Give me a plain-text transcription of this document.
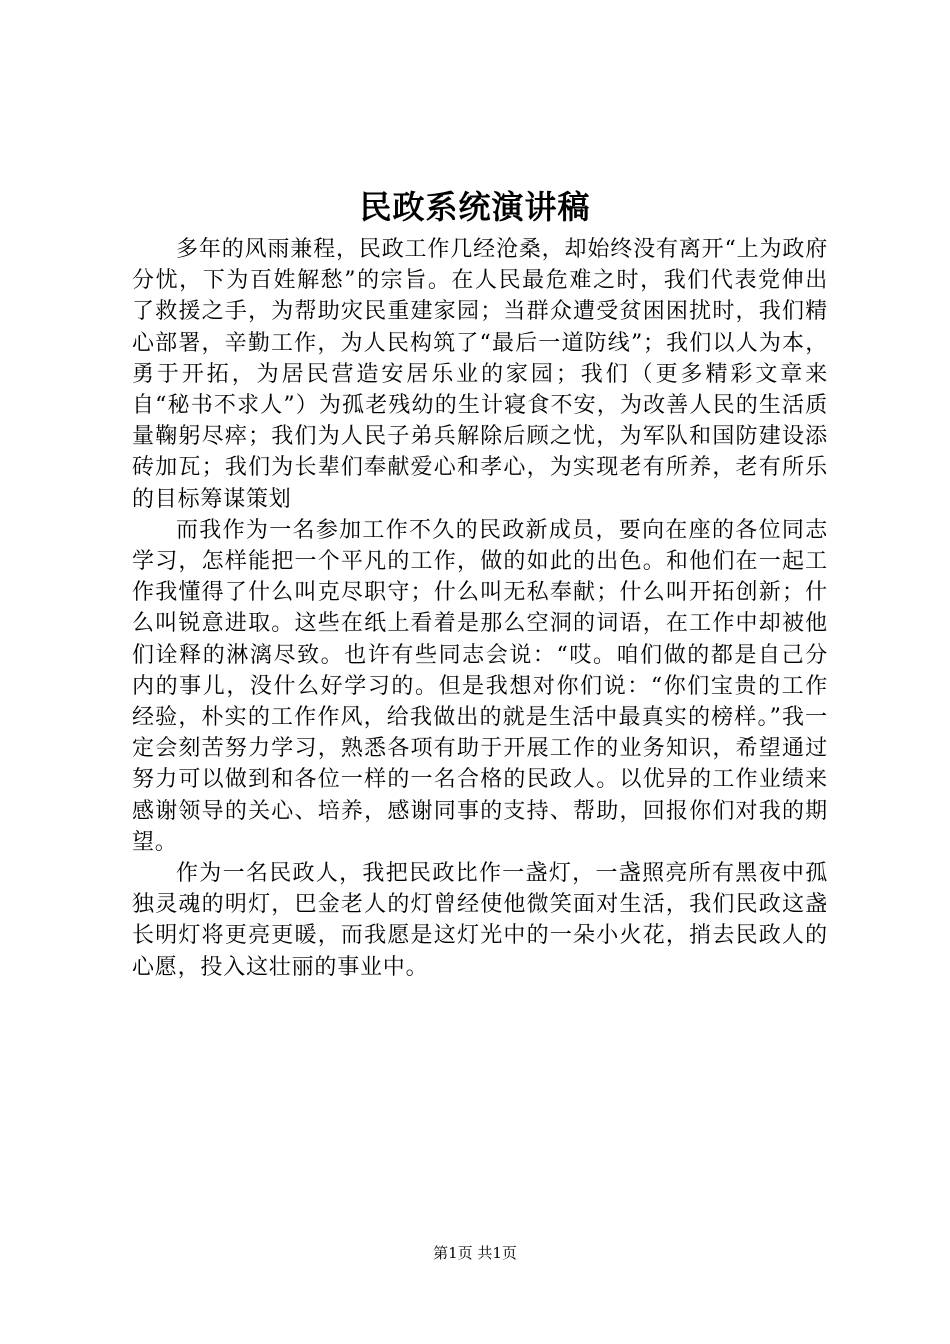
民政系统演讲稿

多年的风雨兼程，民政工作几经沧桑，却始终没有离开“上为政府分忧，下为百姓解愁”的宗旨。在人民最危难之时，我们代表党伸出了救援之手，为帮助灾民重建家园；当群众遭受贫困困扰时，我们精心部署，辛勤工作，为人民构筑了“最后一道防线”；我们以人为本，勇于开拓，为居民营造安居乐业的家园；我们（更多精彩文章来自“秘书不求人”）为孤老残幼的生计寝食不安，为改善人民的生活质量鞠躬尽瘁；我们为人民子弟兵解除后顾之忧，为军队和国防建设添砖加瓦；我们为长辈们奉献爱心和孝心，为实现老有所养，老有所乐的目标筹谋策划

而我作为一名参加工作不久的民政新成员，要向在座的各位同志学习，怎样能把一个平凡的工作，做的如此的出色。和他们在一起工作我懂得了什么叫克尽职守；什么叫无私奉献；什么叫开拓创新；什么叫锐意进取。这些在纸上看着是那么空洞的词语，在工作中却被他们诠释的淋漓尽致。也许有些同志会说：“哎。咱们做的都是自己分内的事儿，没什么好学习的。但是我想对你们说：“你们宝贵的工作经验，朴实的工作作风，给我做出的就是生活中最真实的榜样。”我一定会刻苦努力学习，熟悉各项有助于开展工作的业务知识，希望通过努力可以做到和各位一样的一名合格的民政人。以优异的工作业绩来感谢领导的关心、培养，感谢同事的支持、帮助，回报你们对我的期望。

作为一名民政人，我把民政比作一盏灯，一盏照亮所有黑夜中孤独灵魂的明灯，巴金老人的灯曾经使他微笑面对生活，我们民政这盏长明灯将更亮更暖，而我愿是这灯光中的一朵小火花，捎去民政人的心愿，投入这壮丽的事业中。

第1页 共1页
